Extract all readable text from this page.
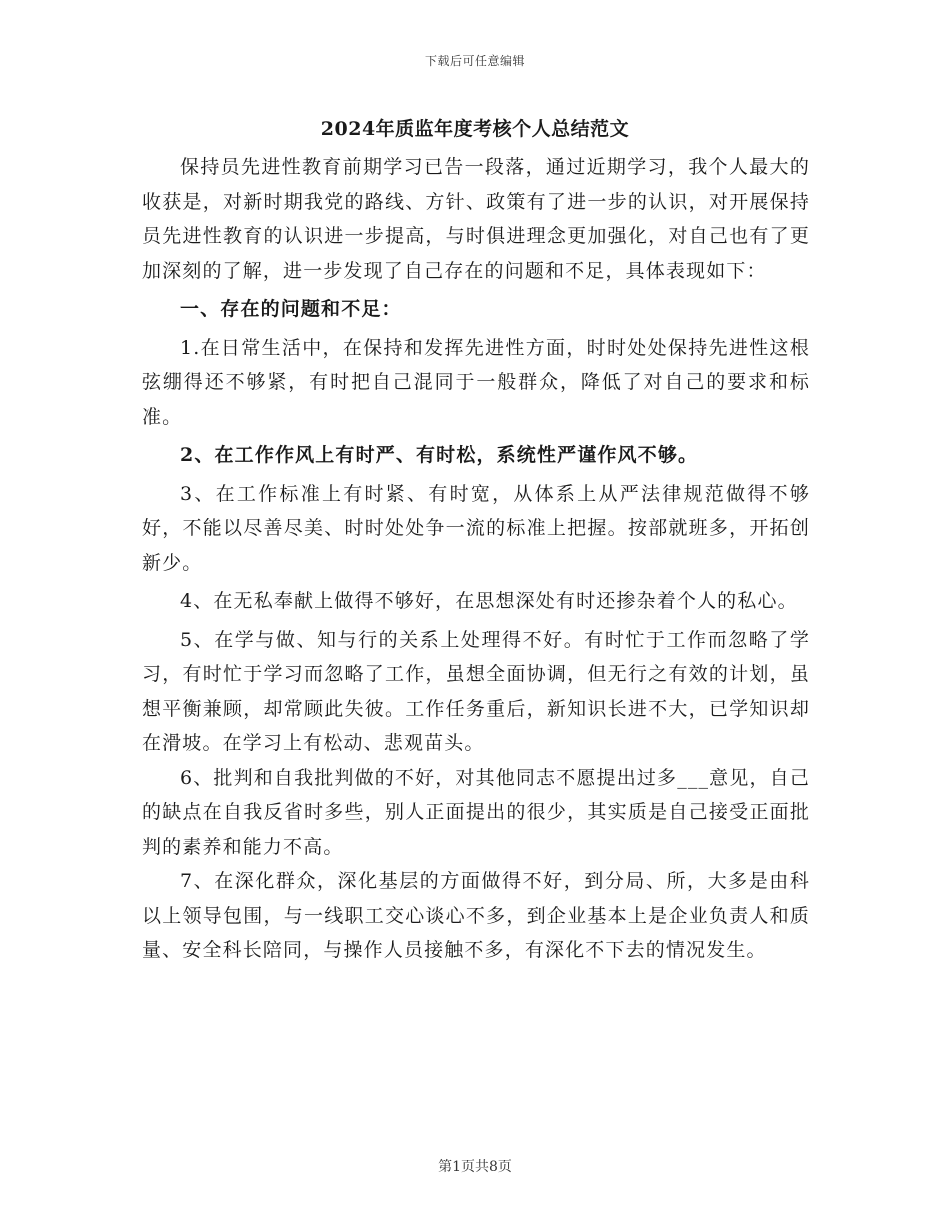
下载后可任意编辑
2024年质监年度考核个人总结范文

保持员先进性教育前期学习已告一段落，通过近期学习，我个人最大的收获是，对新时期我党的路线、方针、政策有了进一步的认识，对开展保持员先进性教育的认识进一步提高，与时俱进理念更加强化，对自己也有了更加深刻的了解，进一步发现了自己存在的问题和不足，具体表现如下：

一、存在的问题和不足：

1.在日常生活中，在保持和发挥先进性方面，时时处处保持先进性这根弦绷得还不够紧，有时把自己混同于一般群众，降低了对自己的要求和标准。

2、在工作作风上有时严、有时松，系统性严谨作风不够。

3、在工作标准上有时紧、有时宽，从体系上从严法律规范做得不够好，不能以尽善尽美、时时处处争一流的标准上把握。按部就班多，开拓创新少。

4、在无私奉献上做得不够好，在思想深处有时还掺杂着个人的私心。

5、在学与做、知与行的关系上处理得不好。有时忙于工作而忽略了学习，有时忙于学习而忽略了工作，虽想全面协调，但无行之有效的计划，虽想平衡兼顾，却常顾此失彼。工作任务重后，新知识长进不大，已学知识却在滑坡。在学习上有松动、悲观苗头。

6、批判和自我批判做的不好，对其他同志不愿提出过多___意见，自己的缺点在自我反省时多些，别人正面提出的很少，其实质是自己接受正面批判的素养和能力不高。

7、在深化群众，深化基层的方面做得不好，到分局、所，大多是由科以上领导包围，与一线职工交心谈心不多，到企业基本上是企业负责人和质量、安全科长陪同，与操作人员接触不多，有深化不下去的情况发生。

第1页共8页
